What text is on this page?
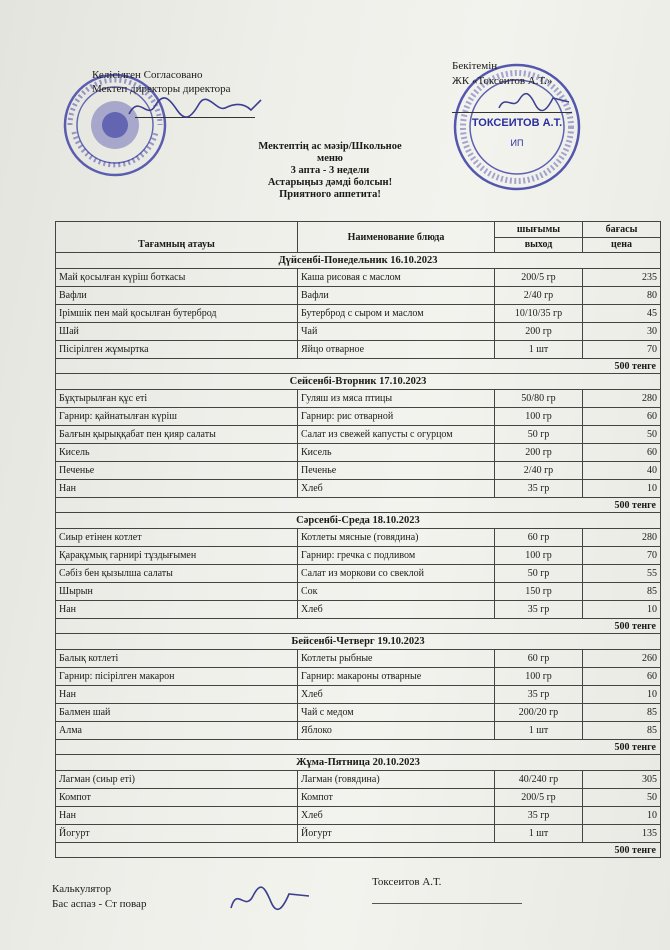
Келісілген Согласовано
Мектеп директоры директора
ТОКСЕИТОВ А.Т.
ИП
Бекітемін
ЖК «Токсеитов А.Т.»
Мектептің ас мәзір/Школьное меню
3 апта - 3 недели
Астарыңыз дәмді болсын!
Приятного аппетита!
Тағамның атауы
Наименование блюда
шығымы
выход
бағасы
цена
Дүйсенбі-Понедельник 16.10.2023
Май қосылған күріш боткасы	Каша рисовая с маслом	200/5 гр	235
Вафли	Вафли	2/40 гр	80
Ірімшік пен май қосылған бутерброд	Бутерброд с сыром и маслом	10/10/35 гр	45
Шай	Чай	200 гр	30
Пісірілген жұмыртка	Яйцо отварное	1 шт	70
500 тенге
Сейсенбі-Вторник 17.10.2023
Бұқтырылған құс еті	Гуляш из мяса птицы	50/80 гр	280
Гарнир: қайнатылған күріш	Гарнир: рис отварной	100 гр	60
Балғын қырыққабат пен қияр салаты	Салат из свежей капусты с огурцом	50 гр	50
Кисель	Кисель	200 гр	60
Печенье	Печенье	2/40 гр	40
Нан	Хлеб	35 гр	10
500 тенге
Сәрсенбі-Среда 18.10.2023
Сиыр етінен котлет	Котлеты мясные (говядина)	60 гр	280
Қарақұмық гарнирі тұздығымен	Гарнир: гречка с подливом	100 гр	70
Сәбіз бен қызылша салаты	Салат из моркови со свеклой	50 гр	55
Шырын	Сок	150 гр	85
Нан	Хлеб	35 гр	10
500 тенге
Бейсенбі-Четверг 19.10.2023
Балық котлеті	Котлеты рыбные	60 гр	260
Гарнир: пісірілген макарон	Гарнир: макароны отварные	100 гр	60
Нан	Хлеб	35 гр	10
Балмен шай	Чай с медом	200/20 гр	85
Алма	Яблоко	1 шт	85
500 тенге
Жұма-Пятница 20.10.2023
Лагман (сиыр еті)	Лагман (говядина)	40/240 гр	305
Компот	Компот	200/5 гр	50
Нан	Хлеб	35 гр	10
Йогурт	Йогурт	1 шт	135
500 тенге
Калькулятор
Бас аспаз - Ст повар
Токсеитов А.Т.
